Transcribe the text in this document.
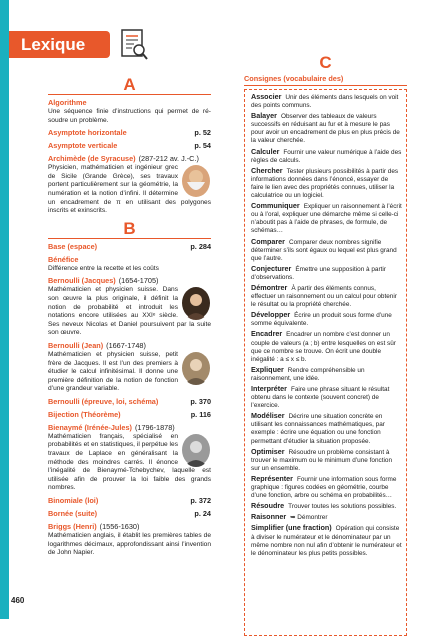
Lexique
A
Algorithme
Une séquence finie d’instructions qui permet de résoudre un problème.
Asymptote horizontale	p. 52
Asymptote verticale	p. 54
Archimède (de Syracuse) (287-212 av. J.-C.)
Physicien, mathématicien et ingénieur grec de Sicile (Grande Grèce), ses travaux portent particulièrement sur la géométrie, la numération et la notion d’infini. Il détermine un encadrement de π en utilisant des polygones inscrits et exinscrits.
B
Base (espace)	p. 284
Bénéfice
Différence entre la recette et les coûts
Bernoulli (Jacques) (1654-1705)
Mathématicien et physicien suisse. Dans son œuvre la plus originale, il définit la notion de probabilité et introduit les notations encore utilisées au XXIᵉ siècle. Ses neveux Nicolas et Daniel poursuivent par la suite son œuvre.
Bernoulli (Jean) (1667-1748)
Mathématicien et physicien suisse, petit frère de Jacques. Il est l’un des premiers à étudier le calcul infinitésimal. Il donne une première définition de la notion de fonction d’une grandeur variable.
Bernoulli (épreuve, loi, schéma)	p. 370
Bijection (Théorème)	p. 116
Bienaymé (Irénée-Jules) (1796-1878)
Mathématicien français, spécialisé en probabilités et en statistiques, il perpétue les travaux de Laplace en généralisant la méthode des moindres carrés. Il énonce l’inégalité de Bienaymé-Tchebychev, laquelle est utilisée afin de prouver la loi faible des grands nombres.
Binomiale (loi)	p. 372
Bornée (suite)	p. 24
Briggs (Henri) (1556-1630)
Mathématicien anglais, il établit les premières tables de logarithmes décimaux, approfondissant ainsi l’invention de John Napier.
C
Consignes (vocabulaire des)
Associer Unir des éléments dans lesquels on voit des points communs.
Balayer Observer des tableaux de valeurs successifs en réduisant au fur et à mesure le pas pour avoir un encadrement de plus en plus précis de la valeur cherchée.
Calculer Fournir une valeur numérique à l’aide des règles de calculs.
Chercher Tester plusieurs possibilités à partir des informations données dans l’énoncé, essayer de faire le lien avec des propriétés connues, utiliser la calculatrice ou un logiciel.
Communiquer Expliquer un raisonnement à l’écrit ou à l’oral, expliquer une démarche même si celle-ci n’aboutit pas à l’aide de phrases, de formule, de schémas…
Comparer Comparer deux nombres signifie déterminer s’ils sont égaux ou lequel est plus grand que l’autre.
Conjecturer Émettre une supposition à partir d’observations.
Démontrer À partir des éléments connus, effectuer un raisonnement ou un calcul pour obtenir le résultat ou la propriété cherchée.
Développer Écrire un produit sous forme d’une somme équivalente.
Encadrer Encadrer un nombre c’est donner un couple de valeurs (a ; b) entre lesquelles on est sûr que ce nombre se trouve. On écrit une double inégalité : a ≤ x ≤ b.
Expliquer Rendre compréhensible un raisonnement, une idée.
Interpréter Faire une phrase situant le résultat obtenu dans le contexte (souvent concret) de l’exercice.
Modéliser Décrire une situation concrète en utilisant les connaissances mathématiques, par exemple : écrire une équation ou une fonction permettant d’étudier la situation proposée.
Optimiser Résoudre un problème consistant à trouver le maximum ou le minimum d’une fonction sur un ensemble.
Représenter Fournir une information sous forme graphique : figures codées en géométrie, courbe d’une fonction, arbre ou schéma en probabilités…
Résoudre Trouver toutes les solutions possibles.
Raisonner ➥ Démontrer
Simplifier (une fraction) Opération qui consiste à diviser le numérateur et le dénominateur par un même nombre non nul afin d’obtenir le numérateur et le dénominateur les plus petits possibles.
460
